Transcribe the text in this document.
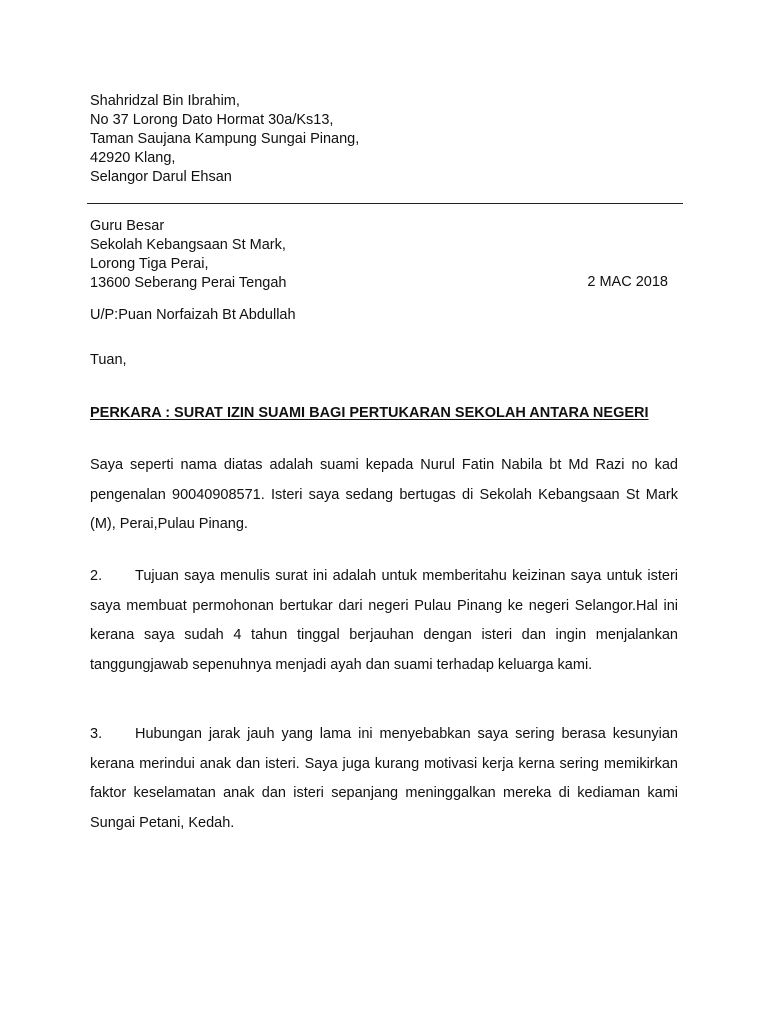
Shahridzal Bin Ibrahim,
No 37 Lorong Dato Hormat 30a/Ks13,
Taman Saujana Kampung Sungai Pinang,
42920 Klang,
Selangor Darul Ehsan
Guru Besar
Sekolah Kebangsaan St Mark,
Lorong Tiga Perai,
13600 Seberang Perai Tengah	2 MAC 2018
U/P:Puan Norfaizah Bt Abdullah
Tuan,
PERKARA : SURAT IZIN SUAMI BAGI PERTUKARAN SEKOLAH ANTARA NEGERI
Saya seperti nama diatas adalah suami kepada Nurul Fatin Nabila bt Md Razi no kad pengenalan 90040908571. Isteri saya sedang bertugas di Sekolah Kebangsaan St Mark (M), Perai,Pulau Pinang.
2. Tujuan saya menulis surat ini adalah untuk memberitahu keizinan saya untuk isteri saya membuat permohonan bertukar dari negeri Pulau Pinang ke negeri Selangor.Hal ini kerana saya sudah 4 tahun tinggal berjauhan dengan isteri dan ingin menjalankan tanggungjawab sepenuhnya menjadi ayah dan suami terhadap keluarga kami.
3. Hubungan jarak jauh yang lama ini menyebabkan saya sering berasa kesunyian kerana merindui anak dan isteri. Saya juga kurang motivasi kerja kerna sering memikirkan faktor keselamatan anak dan isteri sepanjang meninggalkan mereka di kediaman kami Sungai Petani, Kedah.
